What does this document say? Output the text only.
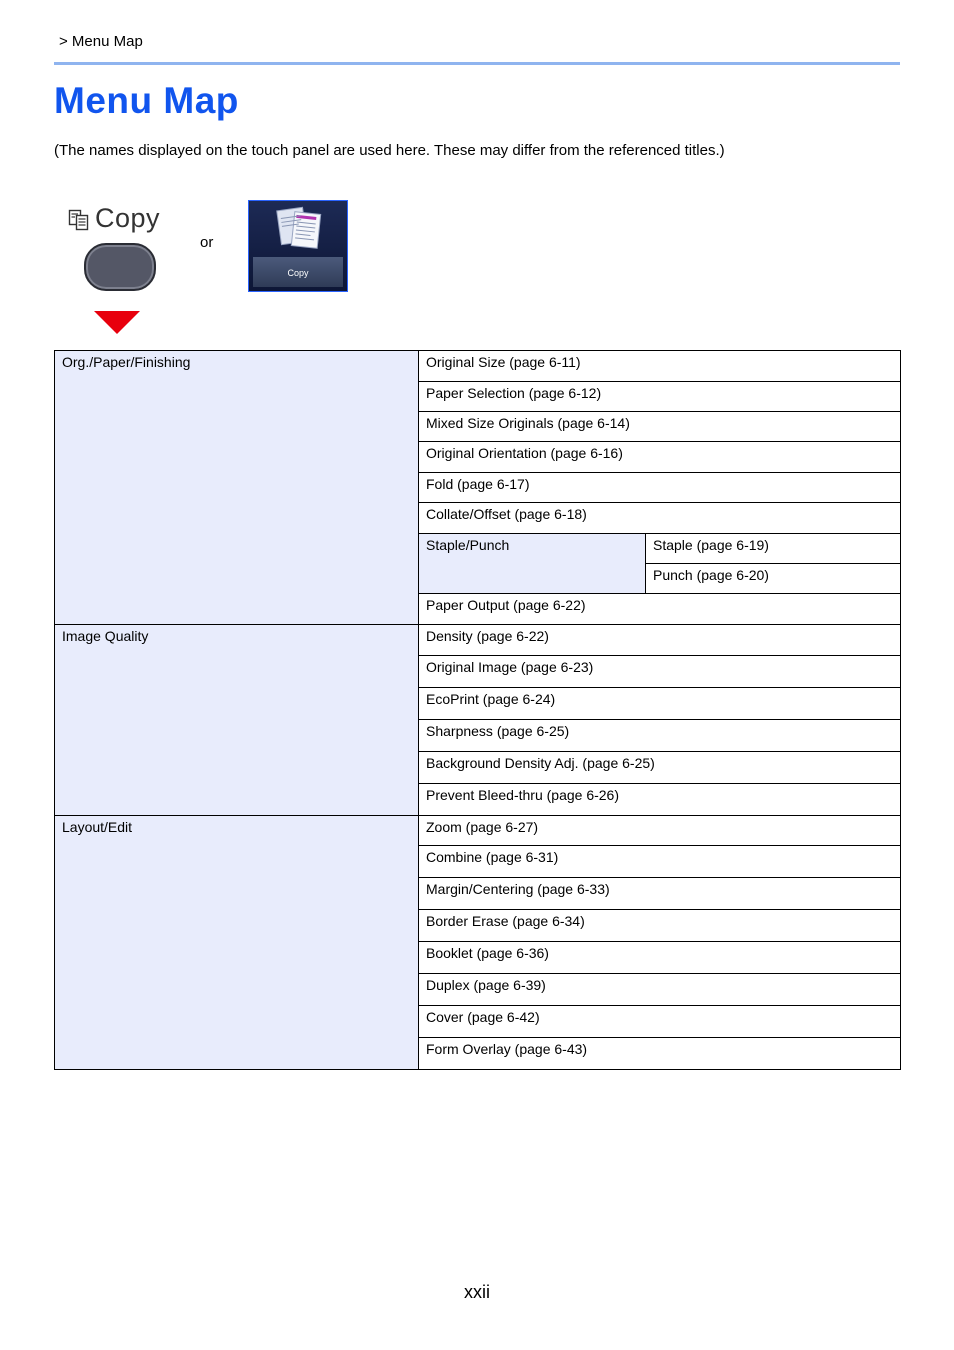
> Menu Map
Menu Map
(The names displayed on the touch panel are used here. These may differ from the referenced titles.)
Copy
or
Copy
Org./Paper/Finishing	Original Size (page 6-11)	
	Paper Selection (page 6-12)	
	Mixed Size Originals (page 6-14)	
	Original Orientation (page 6-16)	
	Fold (page 6-17)	
	Collate/Offset (page 6-18)	
	Staple/Punch	Staple (page 6-19)
		Punch (page 6-20)
	Paper Output (page 6-22)	
Image Quality	Density (page 6-22)	
	Original Image (page 6-23)	
	EcoPrint (page 6-24)	
	Sharpness (page 6-25)	
	Background Density Adj. (page 6-25)	
	Prevent Bleed-thru (page 6-26)	
Layout/Edit	Zoom (page 6-27)	
	Combine (page 6-31)	
	Margin/Centering (page 6-33)	
	Border Erase (page 6-34)	
	Booklet (page 6-36)	
	Duplex (page 6-39)	
	Cover (page 6-42)	
	Form Overlay (page 6-43)	
xxii
